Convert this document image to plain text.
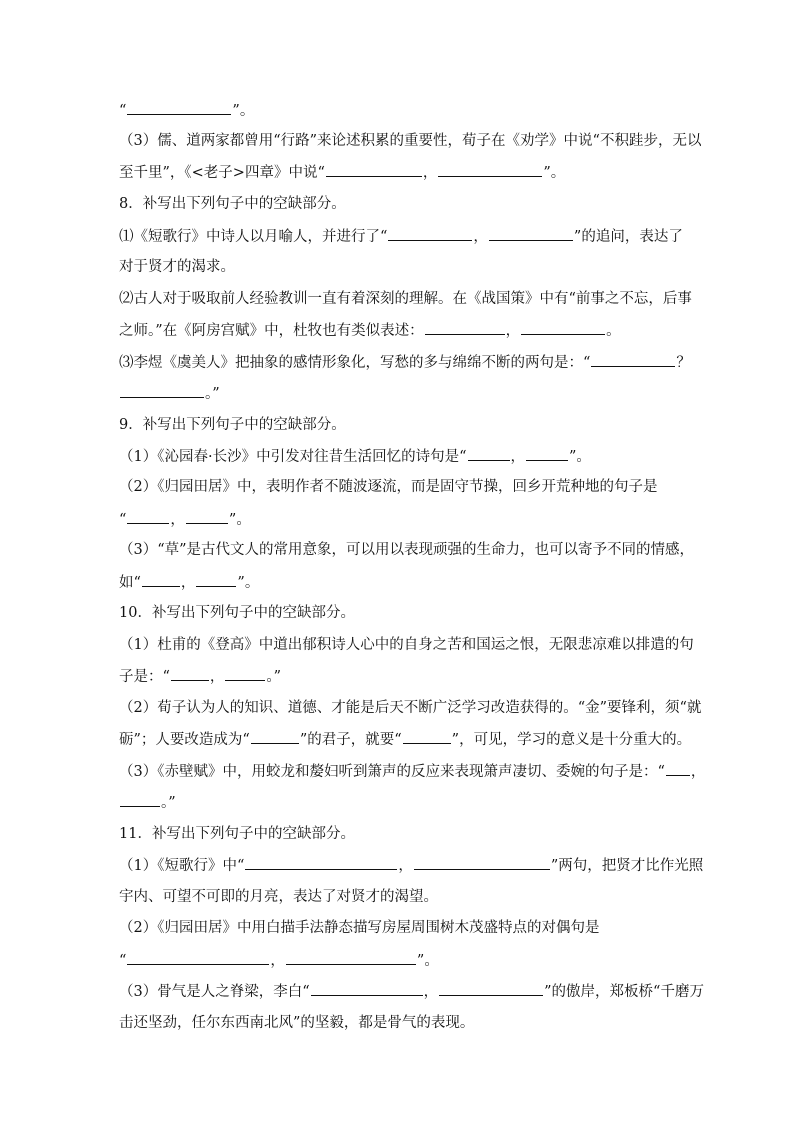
“	”。
（3）儒、道两家都曾用“行路”来论述积累的重要性，荀子在《劝学》中说“不积跬步，无以
至千里”，《<老子>四章》中说“	，	”。
8．补写出下列句子中的空缺部分。
⑴《短歌行》中诗人以月喻人，并进行了“	，	”的追问，表达了
对于贤才的渴求。
⑵古人对于吸取前人经验教训一直有着深刻的理解。在《战国策》中有“前事之不忘，后事
之师。”在《阿房宫赋》中，杜牧也有类似表述：	，	。
⑶李煜《虞美人》把抽象的感情形象化，写愁的多与绵绵不断的两句是：“	？
。”
9．补写出下列句子中的空缺部分。
（1）《沁园春·长沙》中引发对往昔生活回忆的诗句是“	，	”。
（2）《归园田居》中，表明作者不随波逐流，而是固守节操，回乡开荒种地的句子是
“	，	”。
（3）“草”是古代文人的常用意象，可以用以表现顽强的生命力，也可以寄予不同的情感，
如“	，	”。
10．补写出下列句子中的空缺部分。
（1）杜甫的《登高》中道出郁积诗人心中的自身之苦和国运之恨，无限悲凉难以排遣的句
子是：“	，	。”
（2）荀子认为人的知识、道德、才能是后天不断广泛学习改造获得的。“金”要锋利，须“就
砺”；人要改造成为“	”的君子，就要“	”，可见，学习的意义是十分重大的。
（3）《赤壁赋》中，用蛟龙和嫠妇听到箫声的反应来表现箫声凄切、委婉的句子是：“ ，
。”
11．补写出下列句子中的空缺部分。
（1）《短歌行》中“	，	”两句，把贤才比作光照
宇内、可望不可即的月亮，表达了对贤才的渴望。
（2）《归园田居》中用白描手法静态描写房屋周围树木茂盛特点的对偶句是
“	，	”。
（3）骨气是人之脊梁，李白“	，	”的傲岸，郑板桥“千磨万
击还坚劲，任尔东西南北风”的坚毅，都是骨气的表现。
